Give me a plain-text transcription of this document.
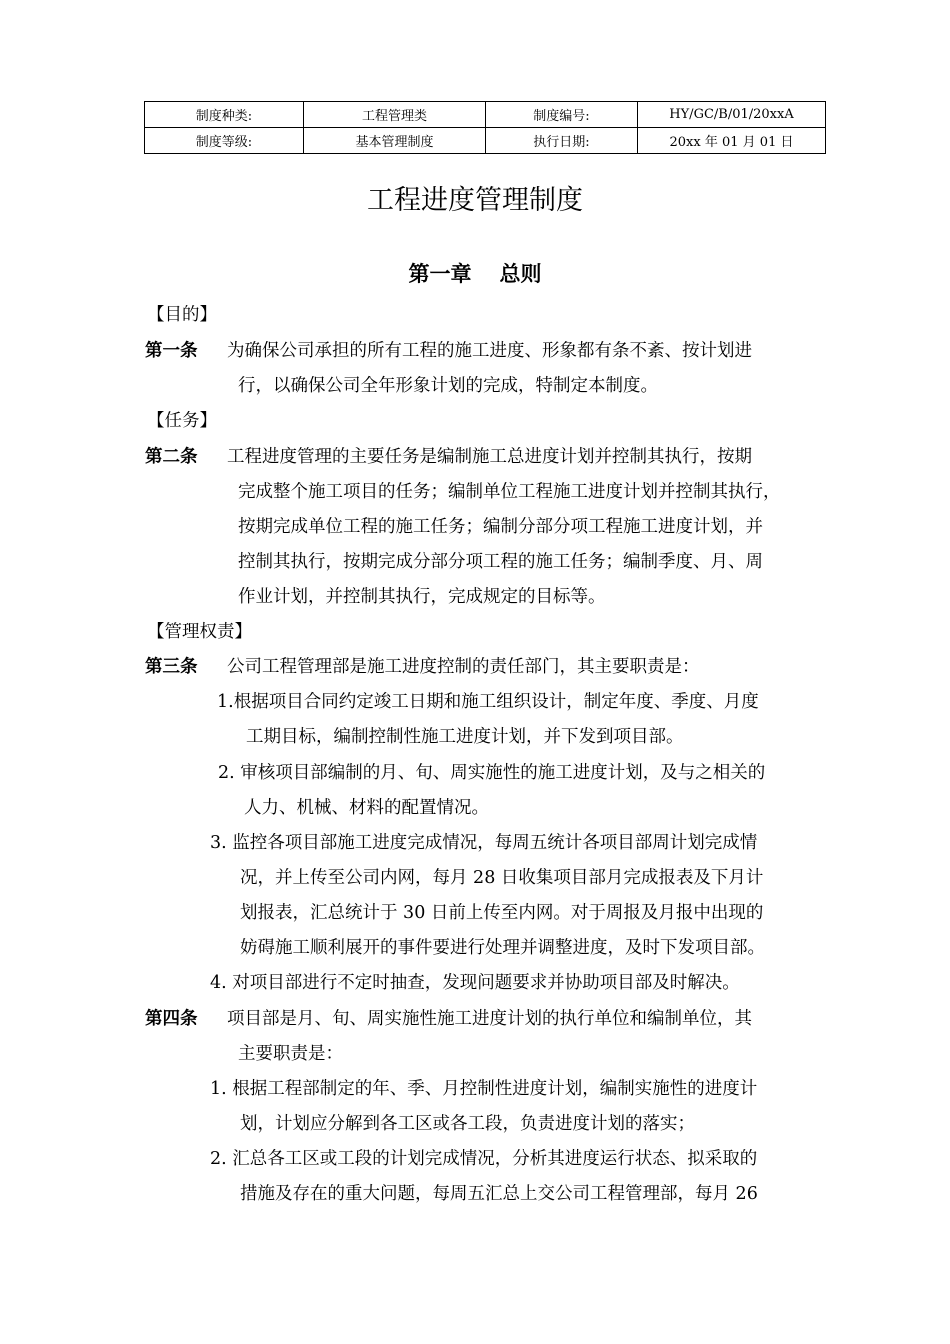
制度种类:	工程管理类	制度编号:	HY/GC/B/01/20xxA
制度等级:	基本管理制度	执行日期:	20xx 年 01 月 01 日
工程进度管理制度
第一章 总则
【目的】
第一条 为确保公司承担的所有工程的施工进度、形象都有条不紊、按计划进
行，以确保公司全年形象计划的完成，特制定本制度。
【任务】
第二条 工程进度管理的主要任务是编制施工总进度计划并控制其执行，按期
完成整个施工项目的任务；编制单位工程施工进度计划并控制其执行，
按期完成单位工程的施工任务；编制分部分项工程施工进度计划，并
控制其执行，按期完成分部分项工程的施工任务；编制季度、月、周
作业计划，并控制其执行，完成规定的目标等。
【管理权责】
第三条 公司工程管理部是施工进度控制的责任部门，其主要职责是：
1.根据项目合同约定竣工日期和施工组织设计，制定年度、季度、月度
工期目标，编制控制性施工进度计划，并下发到项目部。
2. 审核项目部编制的月、旬、周实施性的施工进度计划，及与之相关的
人力、机械、材料的配置情况。
3. 监控各项目部施工进度完成情况，每周五统计各项目部周计划完成情
况，并上传至公司内网，每月 28 日收集项目部月完成报表及下月计
划报表，汇总统计于 30 日前上传至内网。对于周报及月报中出现的
妨碍施工顺利展开的事件要进行处理并调整进度，及时下发项目部。
4. 对项目部进行不定时抽查，发现问题要求并协助项目部及时解决。
第四条 项目部是月、旬、周实施性施工进度计划的执行单位和编制单位，其
主要职责是：
1. 根据工程部制定的年、季、月控制性进度计划，编制实施性的进度计
划，计划应分解到各工区或各工段，负责进度计划的落实；
2. 汇总各工区或工段的计划完成情况，分析其进度运行状态、拟采取的
措施及存在的重大问题，每周五汇总上交公司工程管理部，每月 26
